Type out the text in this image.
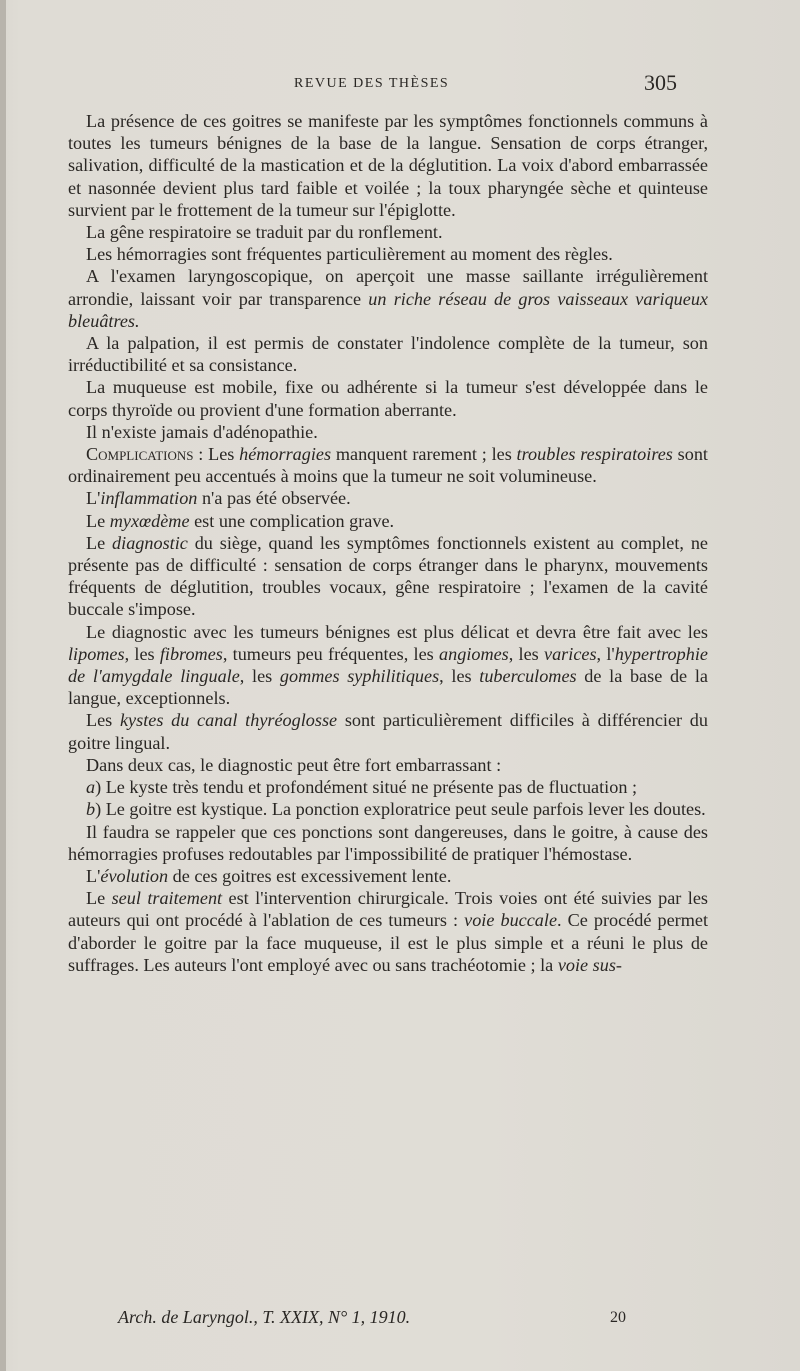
REVUE DES THÈSES	305

La présence de ces goitres se manifeste par les symptômes fonctionnels communs à toutes les tumeurs bénignes de la base de la langue. Sensation de corps étranger, salivation, difficulté de la mastication et de la déglutition. La voix d'abord embarrassée et nasonnée devient plus tard faible et voilée ; la toux pharyngée sèche et quinteuse survient par le frottement de la tumeur sur l'épiglotte.

La gêne respiratoire se traduit par du ronflement.

Les hémorragies sont fréquentes particulièrement au moment des règles.

A l'examen laryngoscopique, on aperçoit une masse saillante irrégulièrement arrondie, laissant voir par transparence un riche réseau de gros vaisseaux variqueux bleuâtres.

A la palpation, il est permis de constater l'indolence complète de la tumeur, son irréductibilité et sa consistance.

La muqueuse est mobile, fixe ou adhérente si la tumeur s'est développée dans le corps thyroïde ou provient d'une formation aberrante.

Il n'existe jamais d'adénopathie.

Complications : Les hémorragies manquent rarement ; les troubles respiratoires sont ordinairement peu accentués à moins que la tumeur ne soit volumineuse.

L'inflammation n'a pas été observée.

Le myxœdème est une complication grave.

Le diagnostic du siège, quand les symptômes fonctionnels existent au complet, ne présente pas de difficulté : sensation de corps étranger dans le pharynx, mouvements fréquents de déglutition, troubles vocaux, gêne respiratoire ; l'examen de la cavité buccale s'impose.

Le diagnostic avec les tumeurs bénignes est plus délicat et devra être fait avec les lipomes, les fibromes, tumeurs peu fréquentes, les angiomes, les varices, l'hypertrophie de l'amygdale linguale, les gommes syphilitiques, les tuberculomes de la base de la langue, exceptionnels.

Les kystes du canal thyréoglosse sont particulièrement difficiles à différencier du goitre lingual.

Dans deux cas, le diagnostic peut être fort embarrassant :

a) Le kyste très tendu et profondément situé ne présente pas de fluctuation ;

b) Le goitre est kystique. La ponction exploratrice peut seule parfois lever les doutes.

Il faudra se rappeler que ces ponctions sont dangereuses, dans le goitre, à cause des hémorragies profuses redoutables par l'impossibilité de pratiquer l'hémostase.

L'évolution de ces goitres est excessivement lente.

Le seul traitement est l'intervention chirurgicale. Trois voies ont été suivies par les auteurs qui ont procédé à l'ablation de ces tumeurs : voie buccale. Ce procédé permet d'aborder le goitre par la face muqueuse, il est le plus simple et a réuni le plus de suffrages. Les auteurs l'ont employé avec ou sans trachéotomie ; la voie sus-

Arch. de Laryngol., T. XXIX, N° 1, 1910.	20
